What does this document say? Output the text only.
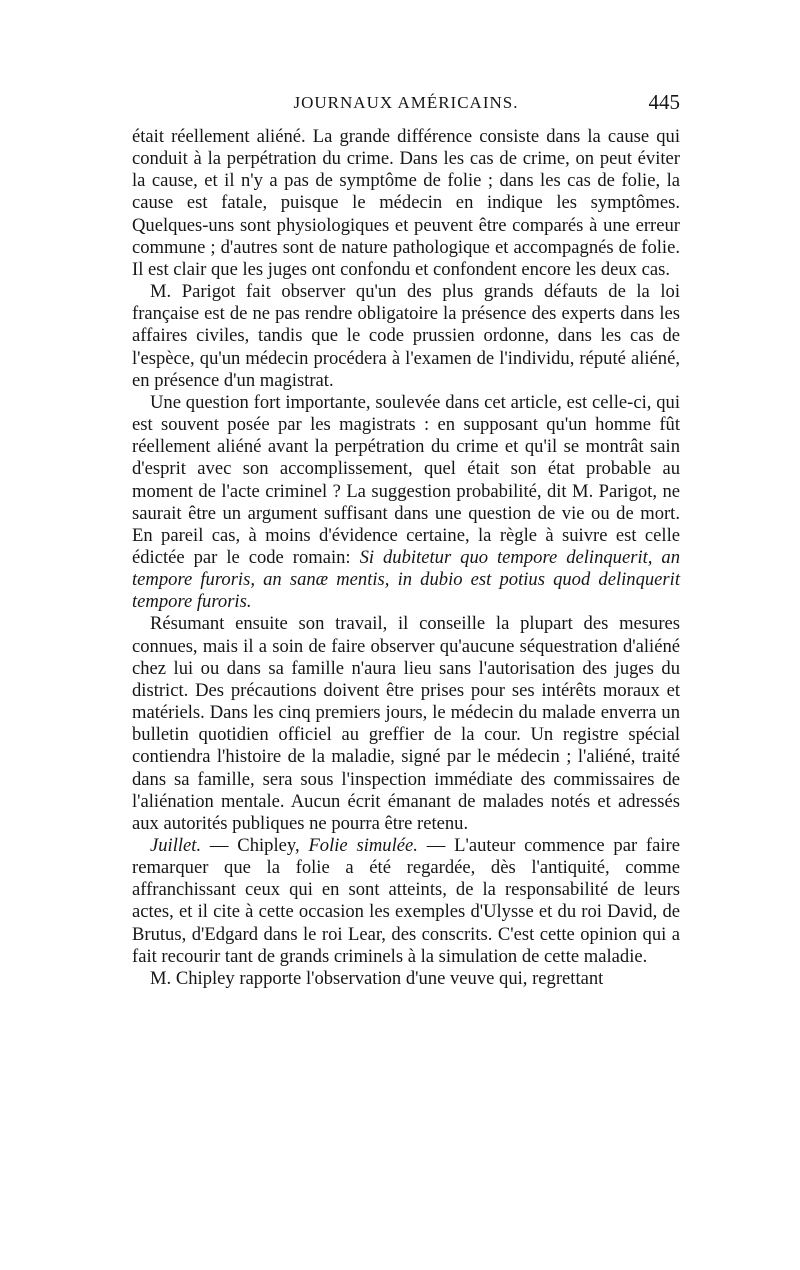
JOURNAUX AMÉRICAINS.	445

était réellement aliéné. La grande différence consiste dans la cause qui conduit à la perpétration du crime. Dans les cas de crime, on peut éviter la cause, et il n'y a pas de symptôme de folie ; dans les cas de folie, la cause est fatale, puisque le médecin en indique les symptômes. Quelques-uns sont physiologiques et peuvent être comparés à une erreur commune ; d'autres sont de nature pathologique et accompagnés de folie. Il est clair que les juges ont confondu et confondent encore les deux cas.

M. Parigot fait observer qu'un des plus grands défauts de la loi française est de ne pas rendre obligatoire la présence des experts dans les affaires civiles, tandis que le code prussien ordonne, dans les cas de l'espèce, qu'un médecin procédera à l'examen de l'individu, réputé aliéné, en présence d'un magistrat.

Une question fort importante, soulevée dans cet article, est celle-ci, qui est souvent posée par les magistrats : en supposant qu'un homme fût réellement aliéné avant la perpétration du crime et qu'il se montrât sain d'esprit avec son accomplissement, quel était son état probable au moment de l'acte criminel ? La suggestion probabilité, dit M. Parigot, ne saurait être un argument suffisant dans une question de vie ou de mort. En pareil cas, à moins d'évidence certaine, la règle à suivre est celle édictée par le code romain: Si dubitetur quo tempore delinquerit, an tempore furoris, an sanæ mentis, in dubio est potius quod delinquerit tempore furoris.

Résumant ensuite son travail, il conseille la plupart des mesures connues, mais il a soin de faire observer qu'aucune séquestration d'aliéné chez lui ou dans sa famille n'aura lieu sans l'autorisation des juges du district. Des précautions doivent être prises pour ses intérêts moraux et matériels. Dans les cinq premiers jours, le médecin du malade enverra un bulletin quotidien officiel au greffier de la cour. Un registre spécial contiendra l'histoire de la maladie, signé par le médecin ; l'aliéné, traité dans sa famille, sera sous l'inspection immédiate des commissaires de l'aliénation mentale. Aucun écrit émanant de malades notés et adressés aux autorités publiques ne pourra être retenu.

Juillet. — Chipley, Folie simulée. — L'auteur commence par faire remarquer que la folie a été regardée, dès l'antiquité, comme affranchissant ceux qui en sont atteints, de la responsabilité de leurs actes, et il cite à cette occasion les exemples d'Ulysse et du roi David, de Brutus, d'Edgard dans le roi Lear, des conscrits. C'est cette opinion qui a fait recourir tant de grands criminels à la simulation de cette maladie.

M. Chipley rapporte l'observation d'une veuve qui, regrettant
